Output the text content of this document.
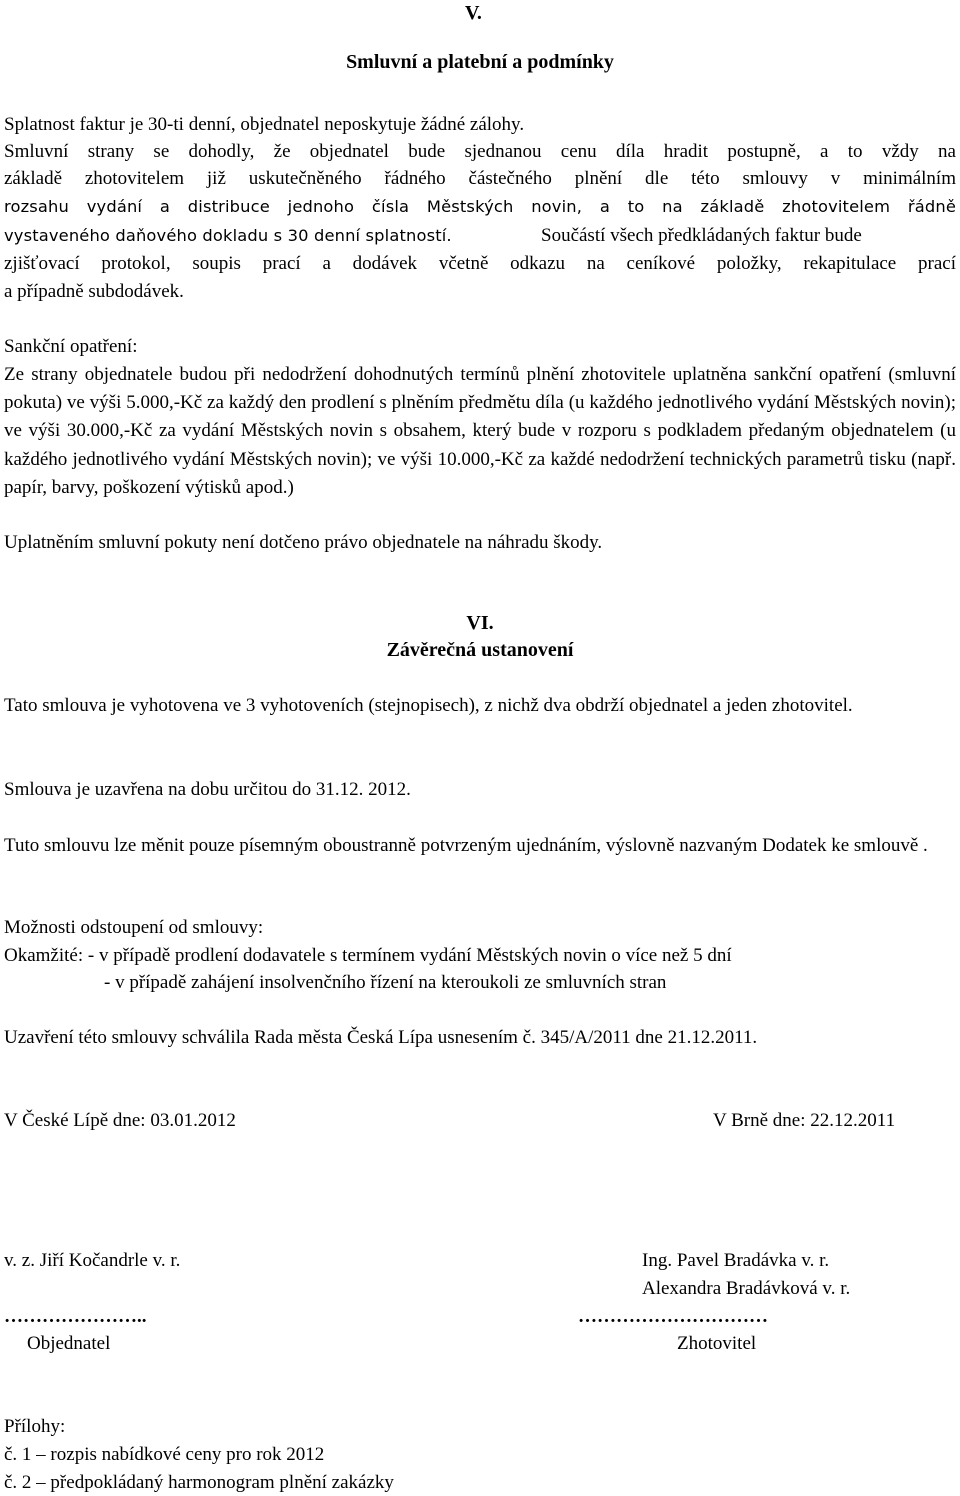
V.
Smluvní a platební a podmínky
Splatnost faktur je 30-ti denní, objednatel neposkytuje žádné zálohy.
Smluvní strany se dohodly, že objednatel bude sjednanou cenu díla hradit postupně, a to vždy na
základě zhotovitelem již uskutečněného řádného částečného plnění dle této smlouvy v minimálním
rozsahu vydání a distribuce jednoho čísla Městských novin, a to na základě zhotovitelem řádně
vystaveného daňového dokladu s 30 denní splatností.	Součástí všech předkládaných faktur bude
zjišťovací protokol, soupis prací a dodávek včetně odkazu na ceníkové položky, rekapitulace prací
a případně subdodávek.
Sankční opatření:
Ze strany objednatele budou při nedodržení dohodnutých termínů plnění zhotovitele uplatněna sankční opatření (smluvní pokuta) ve výši 5.000,-Kč za každý den prodlení s plněním předmětu díla (u každého jednotlivého vydání Městských novin); ve výši 30.000,-Kč za vydání Městských novin s obsahem, který bude v rozporu s podkladem předaným objednatelem (u každého jednotlivého vydání Městských novin); ve výši 10.000,-Kč za každé nedodržení technických parametrů tisku (např. papír, barvy, poškození výtisků apod.)
Uplatněním smluvní pokuty není dotčeno právo objednatele na náhradu škody.
VI.
Závěrečná ustanovení
Tato smlouva je vyhotovena ve 3 vyhotoveních (stejnopisech), z nichž dva obdrží objednatel a jeden zhotovitel.
Smlouva je uzavřena na dobu určitou do 31.12. 2012.
Tuto smlouvu lze měnit pouze písemným oboustranně potvrzeným ujednáním, výslovně nazvaným Dodatek ke smlouvě .
Možnosti odstoupení od smlouvy:
Okamžité: - v případě prodlení dodavatele s termínem vydání Městských novin o více než 5 dní
- v případě zahájení insolvenčního řízení na kteroukoli ze smluvních stran
Uzavření této smlouvy schválila Rada města Česká Lípa usnesením č. 345/A/2011 dne 21.12.2011.
V České Lípě dne: 03.01.2012	V Brně dne: 22.12.2011
v. z. Jiří Kočandrle v. r.	Ing. Pavel Bradávka v. r.
Alexandra Bradávková v. r.
…………………..	…………………………
Objednatel	Zhotovitel
Přílohy:
č. 1 – rozpis nabídkové ceny pro rok 2012
č. 2 – předpokládaný harmonogram plnění zakázky
